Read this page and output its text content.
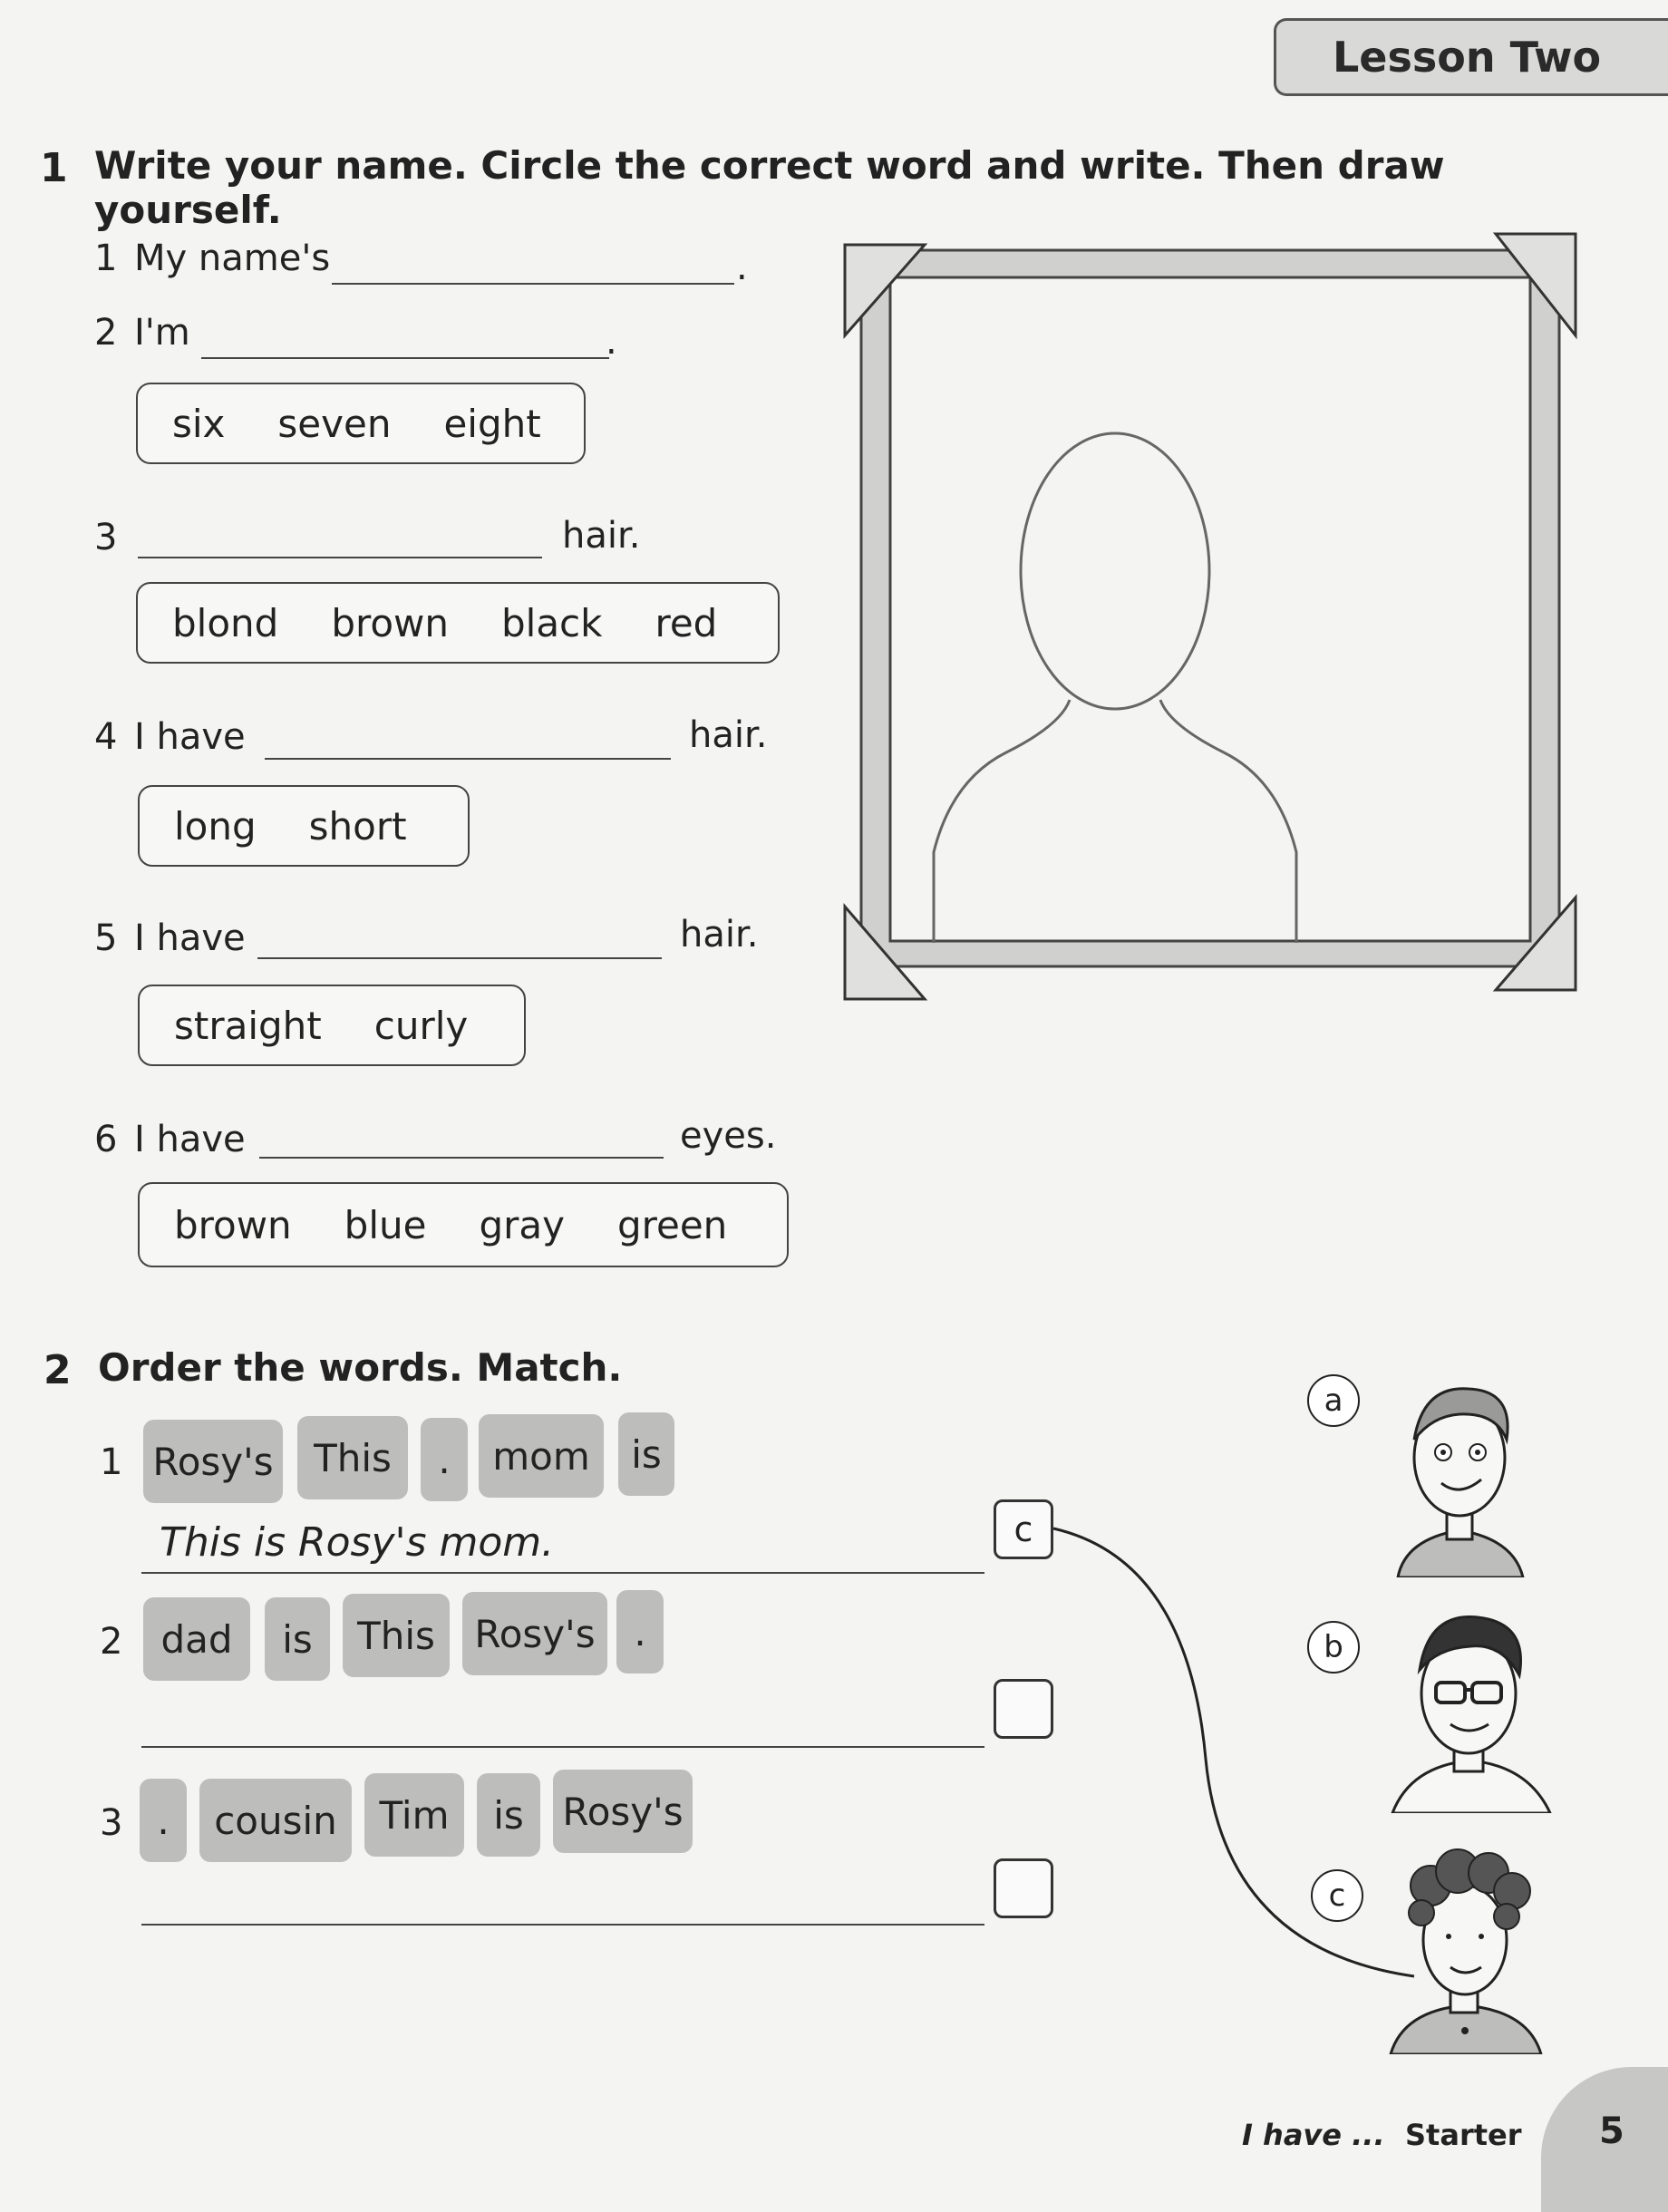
Lesson Two
1 Write your name. Circle the correct word and write. Then draw yourself.
1 My name's	.
2 I'm	.
six seven eight
3	hair.
blond brown black red
4 I have	hair.
long short
5 I have	hair.
straight curly
6 I have	eyes.
brown blue gray green
2 Order the words. Match.
1 Rosy's	This	.	mom	is
This is Rosy's mom.	c
2	dad	is	This	Rosy's	.
3 .	cousin	Tim	is	Rosy's
a
b
c
I have ... Starter 5
